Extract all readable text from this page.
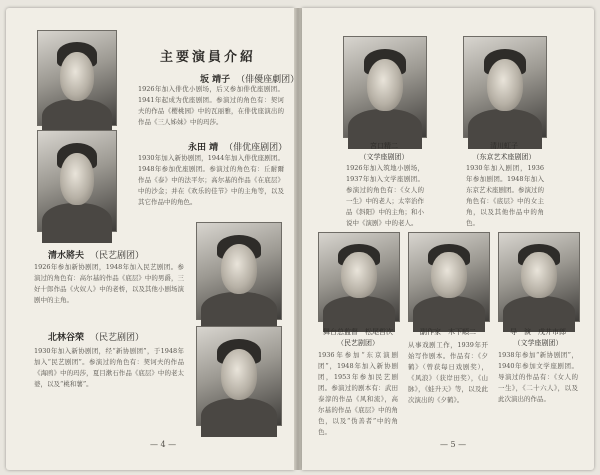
主要演員介紹
坂 靖子 （俳優座劇团）
1926年加入俳优小剧场，后又参加俳优座剧团。1941年起成为优座剧团。参演过的角色有：契诃夫的作品《樱桃园》中的瓦丽雅，在俳优座演出的作品《三人姊妹》中的玛莎。
永田 靖 （俳优座剧团）
1930年加入新协剧团，1944年加入俳优座剧团。1948年参加优座剧团。参演过的角色有：丘耐爾作品《泰》中的法平尔；高尔基的作品《在底层》中的沙金；并在《欢乐的佳节》中的主角等，以及其它作品中的角色。
清水將夫 （民艺剧团）
1926年参加新协剧团，1948年加入民艺剧团。参演过的角色有：高尔基的作品《底层》中的男爵，三好十郎作品《火奴人》中的老桥，以及其他小剧场演剧中的主角。
北林谷荣 （民艺剧团）
1930年加入新协剧团，经“新协剧团”，于1948年加入“民艺剧团”。参演过的角色有：契诃夫的作品《海鸥》中的玛莎，夏目漱石作品《底层》中的老太婆，以及“桃和薯”。
— 4 —
宮口精二
（文学座剧团）
1926年加入筑地小剧场，1937年加入文学座剧团。参演过的角色有：《女人的一生》中的老人；太宰治作品《斜阳》中的主角；和小说中《演剧》中的老人。
清川虹子
（东京艺术座剧团）
1930年加入剧团，1936年参加剧团。1948年加入东京艺术座剧团。参演过的角色有：《底层》中的女主角，以及其他作品中的角色。
舞台总监督　松尾哲次
（民艺剧团）
1936年参加“东京演剧团”，1948年加入新协剧团，1953年参加民艺剧团。参演过的剧本有：武田泰淳的作品《风和流》，高尔基的作品《底层》中的角色，以及“伪善者”中的角色。
副作家　木下順二
从事戏剧工作，1939年开始写作剧本。作品有：《夕鹤》（曾获每日戏剧奖），《风浪》（获岸田奖），《山脉》，《蛙升天》等，以及此次演出的《夕鹤》。
导　演　戌井市郎
（文学座剧团）
1938年参加“新协剧团”，1940年参加文学座剧团。导演过的作品有：《女人的一生》，《二十六人》，以及此次演出的作品。
— 5 —
